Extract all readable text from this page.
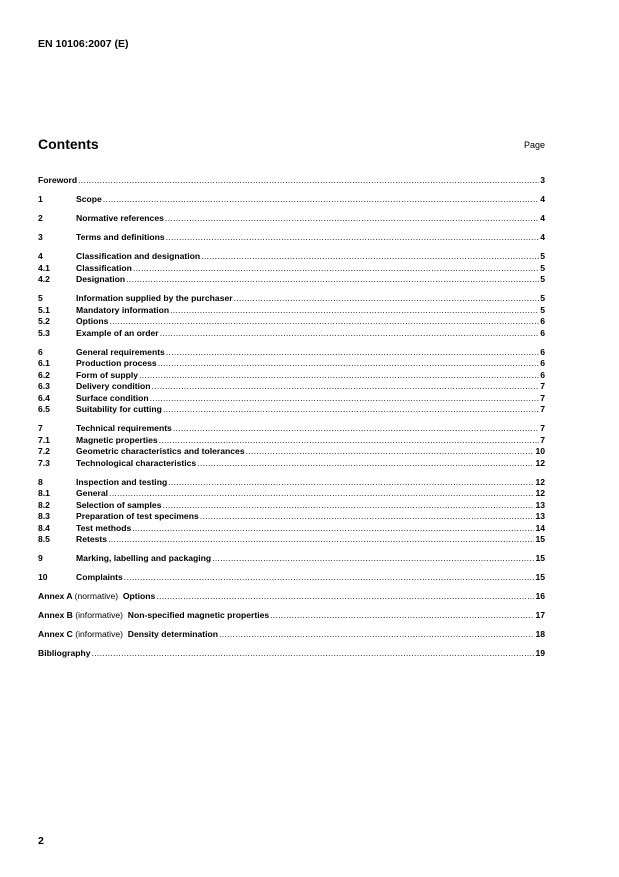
EN 10106:2007 (E)
Contents	Page
Foreword .....	3
1	Scope .....	4
2	Normative references .....	4
3	Terms and definitions .....	4
4	Classification and designation .....	5
4.1	Classification .....	5
4.2	Designation .....	5
5	Information supplied by the purchaser .....	5
5.1	Mandatory information .....	5
5.2	Options .....	6
5.3	Example of an order .....	6
6	General requirements .....	6
6.1	Production process .....	6
6.2	Form of supply .....	6
6.3	Delivery condition .....	7
6.4	Surface condition .....	7
6.5	Suitability for cutting .....	7
7	Technical requirements .....	7
7.1	Magnetic properties .....	7
7.2	Geometric characteristics and tolerances .....	10
7.3	Technological characteristics .....	12
8	Inspection and testing .....	12
8.1	General .....	12
8.2	Selection of samples .....	13
8.3	Preparation of test specimens .....	13
8.4	Test methods .....	14
8.5	Retests .....	15
9	Marking, labelling and packaging .....	15
10	Complaints .....	15
Annex A (normative) Options .....	16
Annex B (informative) Non-specified magnetic properties .....	17
Annex C (informative) Density determination .....	18
Bibliography .....	19
2
